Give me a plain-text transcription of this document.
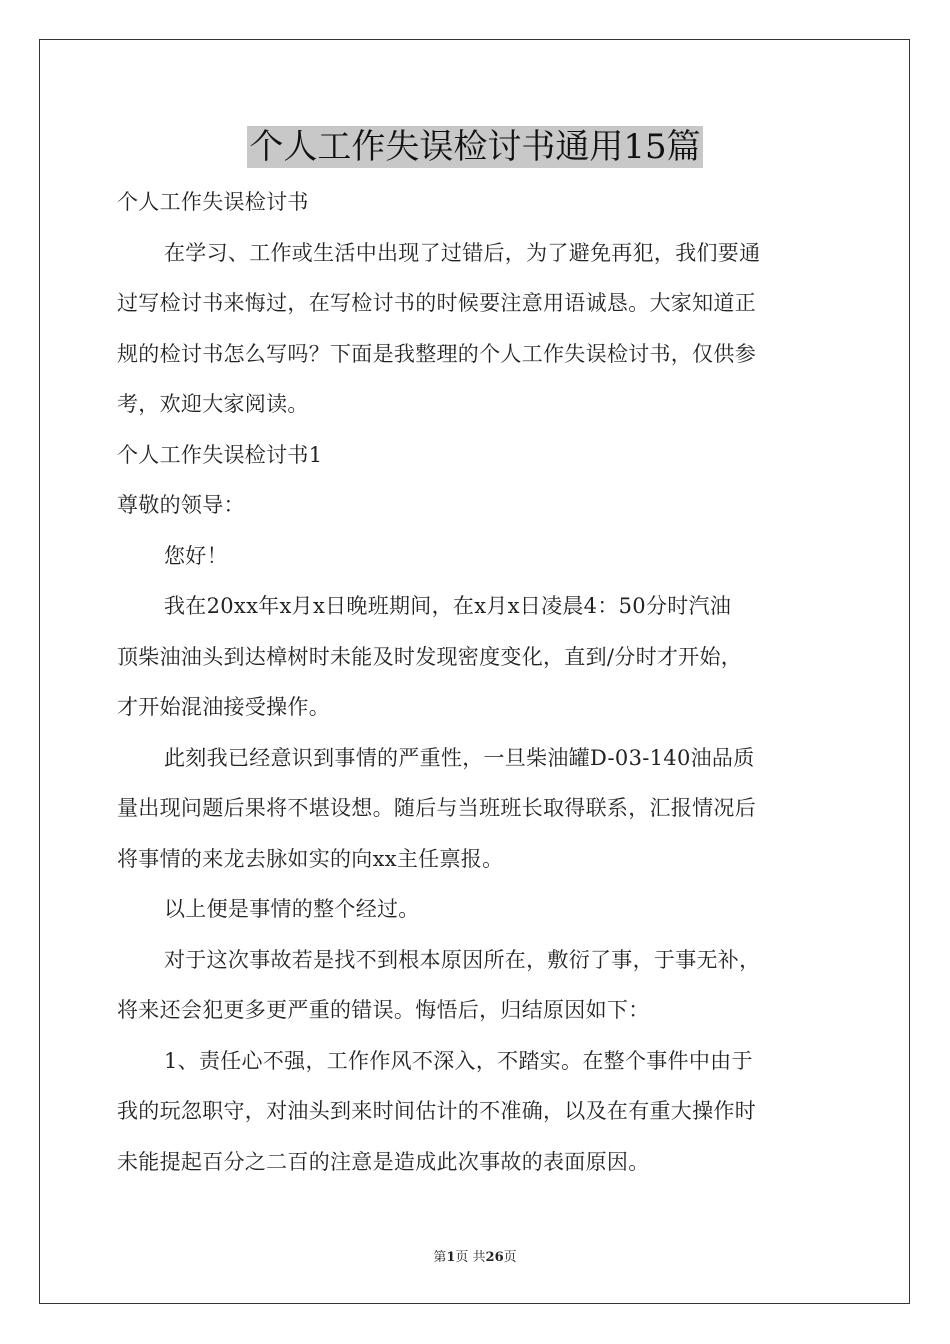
个人工作失误检讨书通用15篇
个人工作失误检讨书
在学习、工作或生活中出现了过错后，为了避免再犯，我们要通
过写检讨书来悔过，在写检讨书的时候要注意用语诚恳。大家知道正
规的检讨书怎么写吗？下面是我整理的个人工作失误检讨书，仅供参
考，欢迎大家阅读。
个人工作失误检讨书1
尊敬的领导：
您好！
我在20xx年x月x日晚班期间，在x月x日凌晨4：50分时汽油
顶柴油油头到达樟树时未能及时发现密度变化，直到/分时才开始，
才开始混油接受操作。
此刻我已经意识到事情的严重性，一旦柴油罐D-03-140油品质
量出现问题后果将不堪设想。随后与当班班长取得联系，汇报情况后
将事情的来龙去脉如实的向xx主任禀报。
以上便是事情的整个经过。
对于这次事故若是找不到根本原因所在，敷衍了事，于事无补，
将来还会犯更多更严重的错误。悔悟后，归结原因如下：
1、责任心不强，工作作风不深入，不踏实。在整个事件中由于
我的玩忽职守，对油头到来时间估计的不准确，以及在有重大操作时
未能提起百分之二百的注意是造成此次事故的表面原因。
第1页 共26页
